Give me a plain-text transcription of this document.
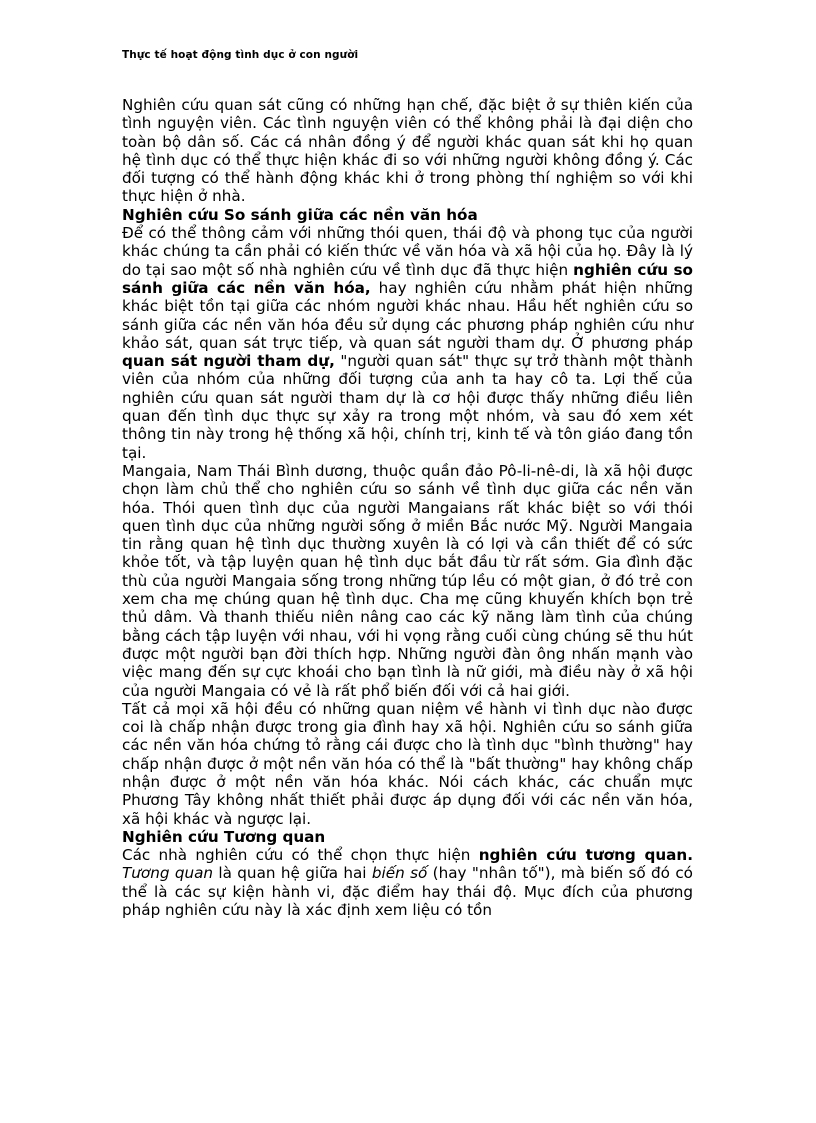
Thực tế hoạt động tình dục ở con người

Nghiên cứu quan sát cũng có những hạn chế, đặc biệt ở sự thiên kiến của tình nguyện viên. Các tình nguyện viên có thể không phải là đại diện cho toàn bộ dân số. Các cá nhân đồng ý để người khác quan sát khi họ quan hệ tình dục có thể thực hiện khác đi so với những người không đồng ý. Các đối tượng có thể hành động khác khi ở trong phòng thí nghiệm so với khi thực hiện ở nhà.

Nghiên cứu So sánh giữa các nền văn hóa

Để có thể thông cảm với những thói quen, thái độ và phong tục của người khác chúng ta cần phải có kiến thức về văn hóa và xã hội của họ. Đây là lý do tại sao một số nhà nghiên cứu về tình dục đã thực hiện nghiên cứu so sánh giữa các nền văn hóa, hay nghiên cứu nhằm phát hiện những khác biệt tồn tại giữa các nhóm người khác nhau. Hầu hết nghiên cứu so sánh giữa các nền văn hóa đều sử dụng các phương pháp nghiên cứu như khảo sát, quan sát trực tiếp, và quan sát người tham dự. Ở phương pháp quan sát người tham dự, "người quan sát" thực sự trở thành một thành viên của nhóm của những đối tượng của anh ta hay cô ta. Lợi thế của nghiên cứu quan sát người tham dự là cơ hội được thấy những điều liên quan đến tình dục thực sự xảy ra trong một nhóm, và sau đó xem xét thông tin này trong hệ thống xã hội, chính trị, kinh tế và tôn giáo đang tồn tại.

Mangaia, Nam Thái Bình dương, thuộc quần đảo Pô-li-nê-di, là xã hội được chọn làm chủ thể cho nghiên cứu so sánh về tình dục giữa các nền văn hóa. Thói quen tình dục của người Mangaians rất khác biệt so với thói quen tình dục của những người sống ở miền Bắc nước Mỹ. Người Mangaia tin rằng quan hệ tình dục thường xuyên là có lợi và cần thiết để có sức khỏe tốt, và tập luyện quan hệ tình dục bắt đầu từ rất sớm. Gia đình đặc thù của người Mangaia sống trong những túp lều có một gian, ở đó trẻ con xem cha mẹ chúng quan hệ tình dục. Cha mẹ cũng khuyến khích bọn trẻ thủ dâm. Và thanh thiếu niên nâng cao các kỹ năng làm tình của chúng bằng cách tập luyện với nhau, với hi vọng rằng cuối cùng chúng sẽ thu hút được một người bạn đời thích hợp. Những người đàn ông nhấn mạnh vào việc mang đến sự cực khoái cho bạn tình là nữ giới, mà điều này ở xã hội của người Mangaia có vẻ là rất phổ biến đối với cả hai giới.

Tất cả mọi xã hội đều có những quan niệm về hành vi tình dục nào được coi là chấp nhận được trong gia đình hay xã hội. Nghiên cứu so sánh giữa các nền văn hóa chứng tỏ rằng cái được cho là tình dục "bình thường" hay chấp nhận được ở một nền văn hóa có thể là "bất thường" hay không chấp nhận được ở một nền văn hóa khác. Nói cách khác, các chuẩn mực Phương Tây không nhất thiết phải được áp dụng đối với các nền văn hóa, xã hội khác và ngược lại.

Nghiên cứu Tương quan

Các nhà nghiên cứu có thể chọn thực hiện nghiên cứu tương quan. Tương quan là quan hệ giữa hai biến số (hay "nhân tố"), mà biến số đó có thể là các sự kiện hành vi, đặc điểm hay thái độ. Mục đích của phương pháp nghiên cứu này là xác định xem liệu có tồn
